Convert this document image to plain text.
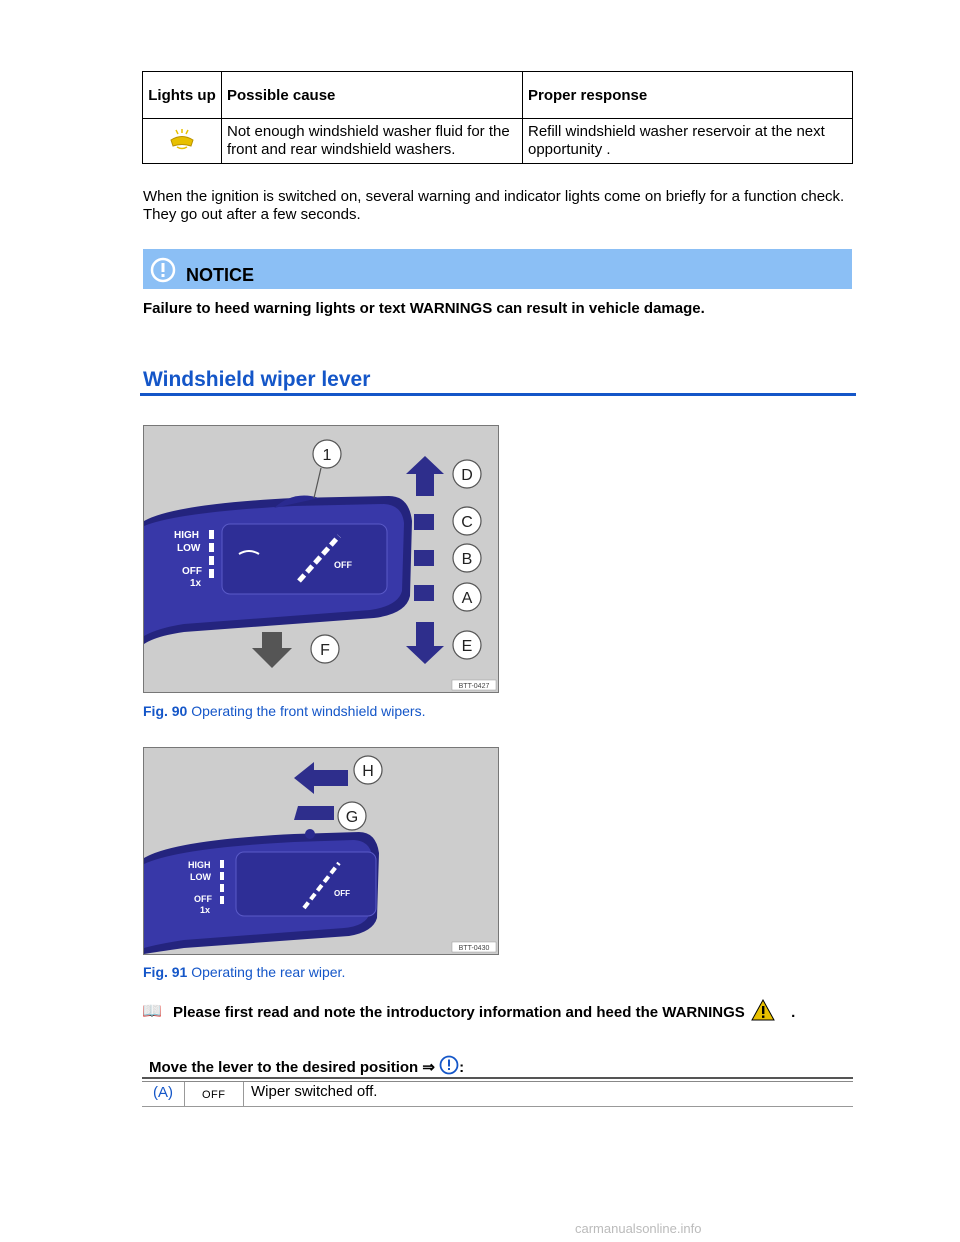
Lights up	Possible cause	Proper response
	Not enough windshield washer fluid for the front and rear windshield washers.	Refill windshield washer reservoir at the next opportunity .
When the ignition is switched on, several warning and indicator lights come on briefly for a function check. They go out after a few seconds.
NOTICE
Failure to heed warning lights or text WARNINGS can result in vehicle damage.
Windshield wiper lever
HIGH
LOW
OFF
1x
OFF
1
D
C
B
A
E
F
BTT-0427
Fig. 90 Operating the front windshield wipers.
HIGH
LOW
OFF
1x
OFF
H
G
BTT-0430
Fig. 91 Operating the rear wiper.
📖 Please first read and note the introductory information and heed the WARNINGS	.
Move the lever to the desired position ⇒ :
(A)	OFF Wiper switched off.
carmanualsonline.info
